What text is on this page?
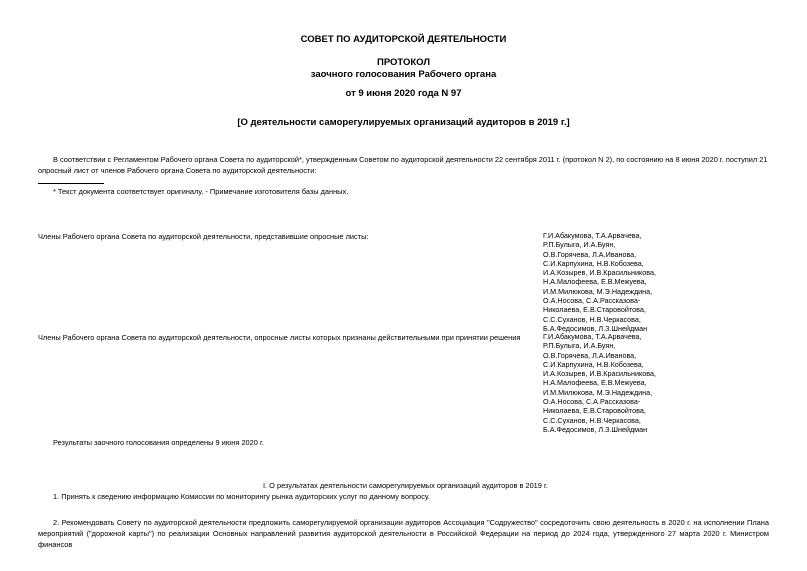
СОВЕТ ПО АУДИТОРСКОЙ ДЕЯТЕЛЬНОСТИ
ПРОТОКОЛ
заочного голосования Рабочего органа
от 9 июня 2020 года N 97
[О деятельности саморегулируемых организаций аудиторов в 2019 г.]
В соответствии с Регламентом Рабочего органа Совета по аудиторской*, утвержденным Советом по аудиторской деятельности 22 сентября 2011 г. (протокол N 2), по состоянию на 8 июня 2020 г. поступил 21
опросный лист от членов Рабочего органа Совета по аудиторской деятельности:
* Текст документа соответствует оригиналу. - Примечание изготовителя базы данных.
Члены Рабочего органа Совета по аудиторской деятельности, представившие опросные листы:	Г.И.Абакумова, Т.А.Арвачева,
Р.П.Булыга, И.А.Буян,
О.В.Горячева, Л.А.Иванова,
С.И.Карпухина, Н.В.Кобозева,
И.А.Козырев, И.В.Красильникова,
Н.А.Малофеева, Е.В.Межуева,
И.М.Милюкова, М.Э.Надеждина,
О.А.Носова, С.А.Рассказова-
Николаева, Е.В.Старовойтова,
С.С.Суханов, Н.В.Черкасова,
Б.А.Федосимов, Л.З.Шнейдман
Члены Рабочего органа Совета по аудиторской деятельности, опросные листы которых признаны действительными при принятии решения	Г.И.Абакумова, Т.А.Арвачева,
Р.П.Булыга, И.А.Буян,
О.В.Горячева, Л.А.Иванова,
С.И.Карпухина, Н.В.Кобозева,
И.А.Козырев, И.В.Красильникова,
Н.А.Малофеева, Е.В.Межуева,
И.М.Милюкова, М.Э.Надеждина,
О.А.Носова, С.А.Рассказова-
Николаева, Е.В.Старовойтова,
С.С.Суханов, Н.В.Черкасова,
Б.А.Федосимов, Л.З.Шнейдман
Результаты заочного голосования определены 9 июня 2020 г.
I. О результатах деятельности саморегулируемых организаций аудиторов в 2019 г.
1. Принять к сведению информацию Комиссии по мониторингу рынка аудиторских услуг по данному вопросу.
2. Рекомендовать Совету по аудиторской деятельности предложить саморегулируемой организации аудиторов Ассоциация "Содружество" сосредоточить свою деятельность в 2020 г. на исполнении Плана мероприятий ("дорожной карты") по реализации Основных направлений развития аудиторской деятельности в Российской Федерации на период до 2024 года, утвержденного 27 марта 2020 г. Министром финансов
